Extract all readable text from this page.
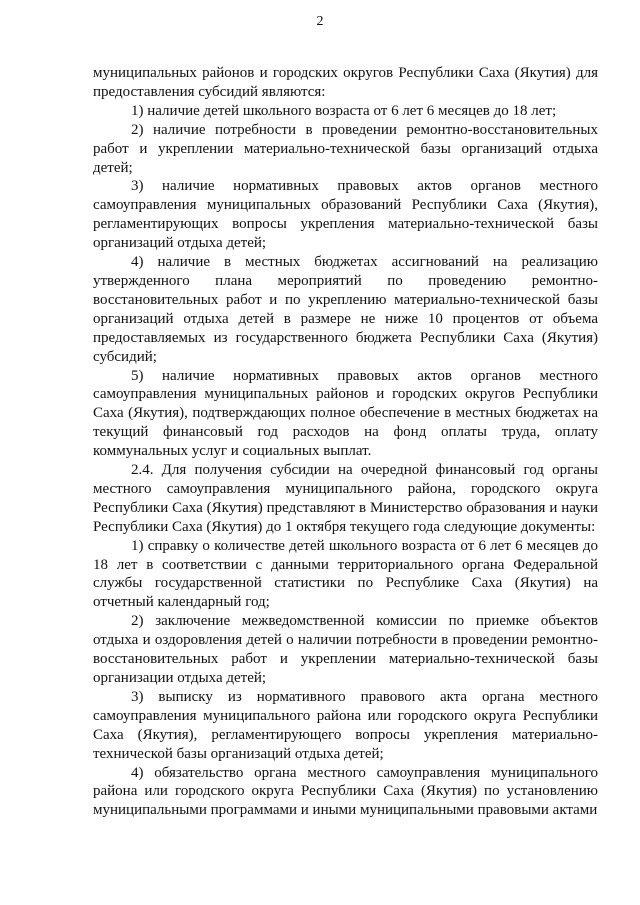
2

муниципальных районов и городских округов Республики Саха (Якутия) для предоставления субсидий являются:

1) наличие детей школьного возраста от 6 лет 6 месяцев до 18 лет;

2) наличие потребности в проведении ремонтно-восстановительных работ и укреплении материально-технической базы организаций отдыха детей;

3) наличие нормативных правовых актов органов местного самоуправления муниципальных образований Республики Саха (Якутия), регламентирующих вопросы укрепления материально-технической базы организаций отдыха детей;

4) наличие в местных бюджетах ассигнований на реализацию утвержденного плана мероприятий по проведению ремонтно-восстановительных работ и по укреплению материально-технической базы организаций отдыха детей в размере не ниже 10 процентов от объема предоставляемых из государственного бюджета Республики Саха (Якутия) субсидий;

5) наличие нормативных правовых актов органов местного самоуправления муниципальных районов и городских округов Республики Саха (Якутия), подтверждающих полное обеспечение в местных бюджетах на текущий финансовый год расходов на фонд оплаты труда, оплату коммунальных услуг и социальных выплат.

2.4. Для получения субсидии на очередной финансовый год органы местного самоуправления муниципального района, городского округа Республики Саха (Якутия) представляют в Министерство образования и науки Республики Саха (Якутия) до 1 октября текущего года следующие документы:

1) справку о количестве детей школьного возраста от 6 лет 6 месяцев до 18 лет в соответствии с данными территориального органа Федеральной службы государственной статистики по Республике Саха (Якутия) на отчетный календарный год;

2) заключение межведомственной комиссии по приемке объектов отдыха и оздоровления детей о наличии потребности в проведении ремонтно-восстановительных работ и укреплении материально-технической базы организации отдыха детей;

3) выписку из нормативного правового акта органа местного самоуправления муниципального района или городского округа Республики Саха (Якутия), регламентирующего вопросы укрепления материально-технической базы организаций отдыха детей;

4) обязательство органа местного самоуправления муниципального района или городского округа Республики Саха (Якутия) по установлению муниципальными программами и иными муниципальными правовыми актами
